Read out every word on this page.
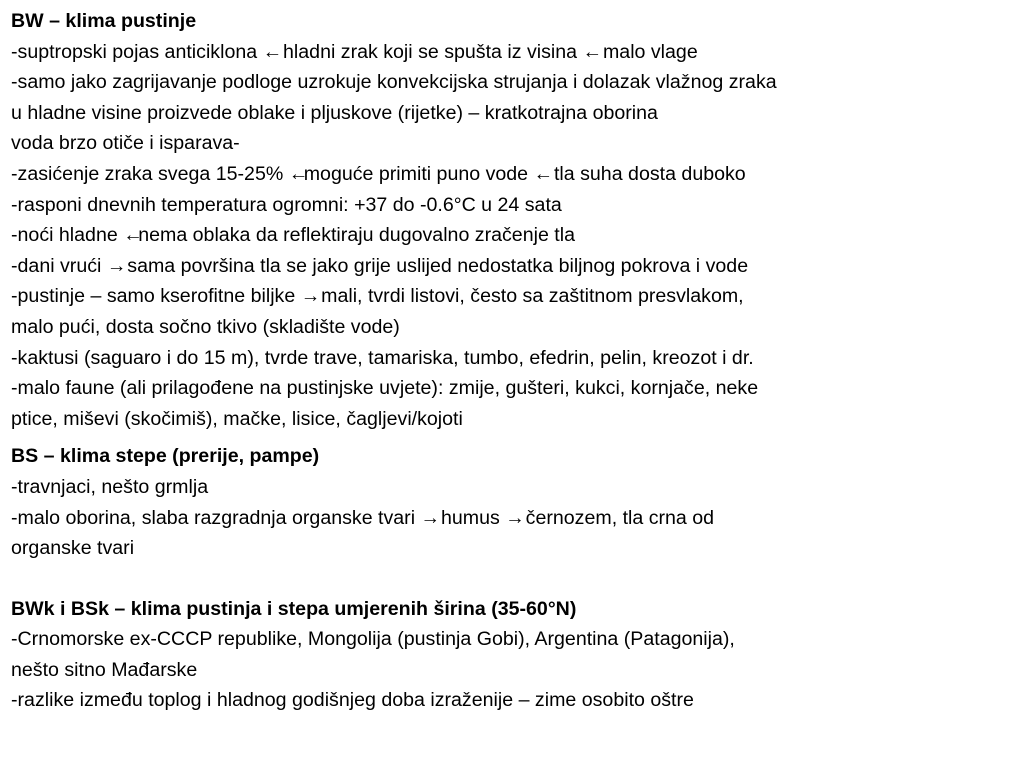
BW – klima pustinje
-suptropski pojas anticiklona ← hladni zrak koji se spušta iz visina ← malo vlage
-samo jako zagrijavanje podloge uzrokuje konvekcijska strujanja i dolazak vlažnog zraka
u hladne visine proizvede oblake i pljuskove (rijetke) – kratkotrajna oborina
voda brzo otiče i isparava-
-zasićenje zraka svega 15-25% ←moguće primiti puno vode ← tla suha dosta duboko
-rasponi dnevnih temperatura ogromni: +37 do -0.6°C u 24 sata
-noći hladne ←nema oblaka da reflektiraju dugovalno zračenje tla
-dani vrući → sama površina tla se jako grije uslijed nedostatka biljnog pokrova i vode
-pustinje – samo kserofitne biljke → mali, tvrdi listovi, često sa zaštitnom presvlakom,
malo pući, dosta sočno tkivo (skladište vode)
-kaktusi (saguaro i do 15 m), tvrde trave, tamariska, tumbo, efedrin, pelin, kreozot i dr.
-malo faune (ali prilagođene na pustinjske uvjete): zmije, gušteri, kukci, kornjače, neke
ptice, miševi (skočimiš), mačke, lisice, čagljevi/kojoti
BS – klima stepe (prerije, pampe)
-travnjaci, nešto grmlja
-malo oborina, slaba razgradnja organske tvari → humus → černozem, tla crna od
organske tvari
BWk i BSk – klima pustinja i stepa umjerenih širina (35-60°N)
-Crnomorske ex-CCCP republike, Mongolija (pustinja Gobi), Argentina (Patagonija),
nešto sitno Mađarske
-razlike između toplog i hladnog godišnjeg doba izraženije – zime osobito oštre
